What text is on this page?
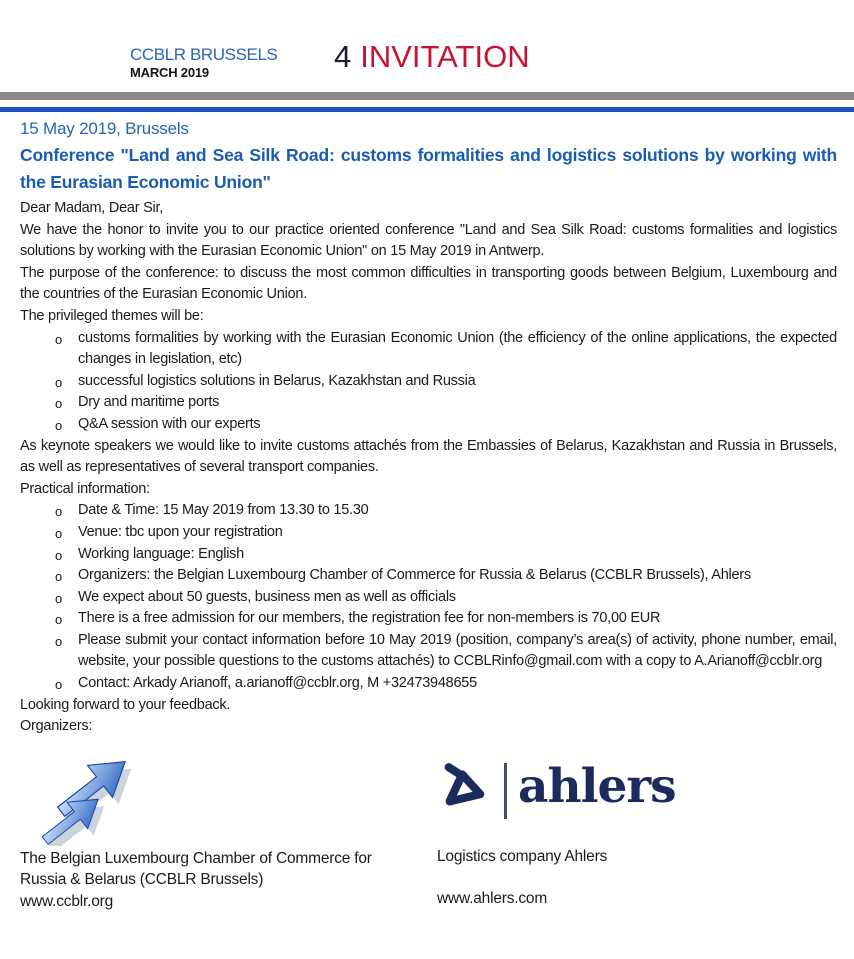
CCBLR BRUSSELS
MARCH 2019	4 INVITATION

15 May 2019, Brussels

Conference "Land and Sea Silk Road: customs formalities and logistics solutions by working with the Eurasian Economic Union"

Dear Madam, Dear Sir,

We have the honor to invite you to our practice oriented conference "Land and Sea Silk Road: customs formalities and logistics solutions by working with the Eurasian Economic Union" on 15 May 2019 in Antwerp.

The purpose of the conference: to discuss the most common difficulties in transporting goods between Belgium, Luxembourg and the countries of the Eurasian Economic Union.

The privileged themes will be:

o customs formalities by working with the Eurasian Economic Union (the efficiency of the online applications, the expected changes in legislation, etc)
o successful logistics solutions in Belarus, Kazakhstan and Russia
o Dry and maritime ports
o Q&A session with our experts

As keynote speakers we would like to invite customs attachés from the Embassies of Belarus, Kazakhstan and Russia in Brussels, as well as representatives of several transport companies.

Practical information:

o Date & Time: 15 May 2019 from 13.30 to 15.30
o Venue: tbc upon your registration
o Working language: English
o Organizers: the Belgian Luxembourg Chamber of Commerce for Russia & Belarus (CCBLR Brussels), Ahlers
o We expect about 50 guests, business men as well as officials
o There is a free admission for our members, the registration fee for non-members is 70,00 EUR
o Please submit your contact information before 10 May 2019 (position, company’s area(s) of activity, phone number, email, website, your possible questions to the customs attachés) to CCBLRinfo@gmail.com with a copy to A.Arianoff@ccblr.org
o Contact: Arkady Arianoff, a.arianoff@ccblr.org, M +32473948655

Looking forward to your feedback.

Organizers:

The Belgian Luxembourg Chamber of Commerce for Russia & Belarus (CCBLR Brussels)

www.ccblr.org

ahlers

Logistics company Ahlers

www.ahlers.com
